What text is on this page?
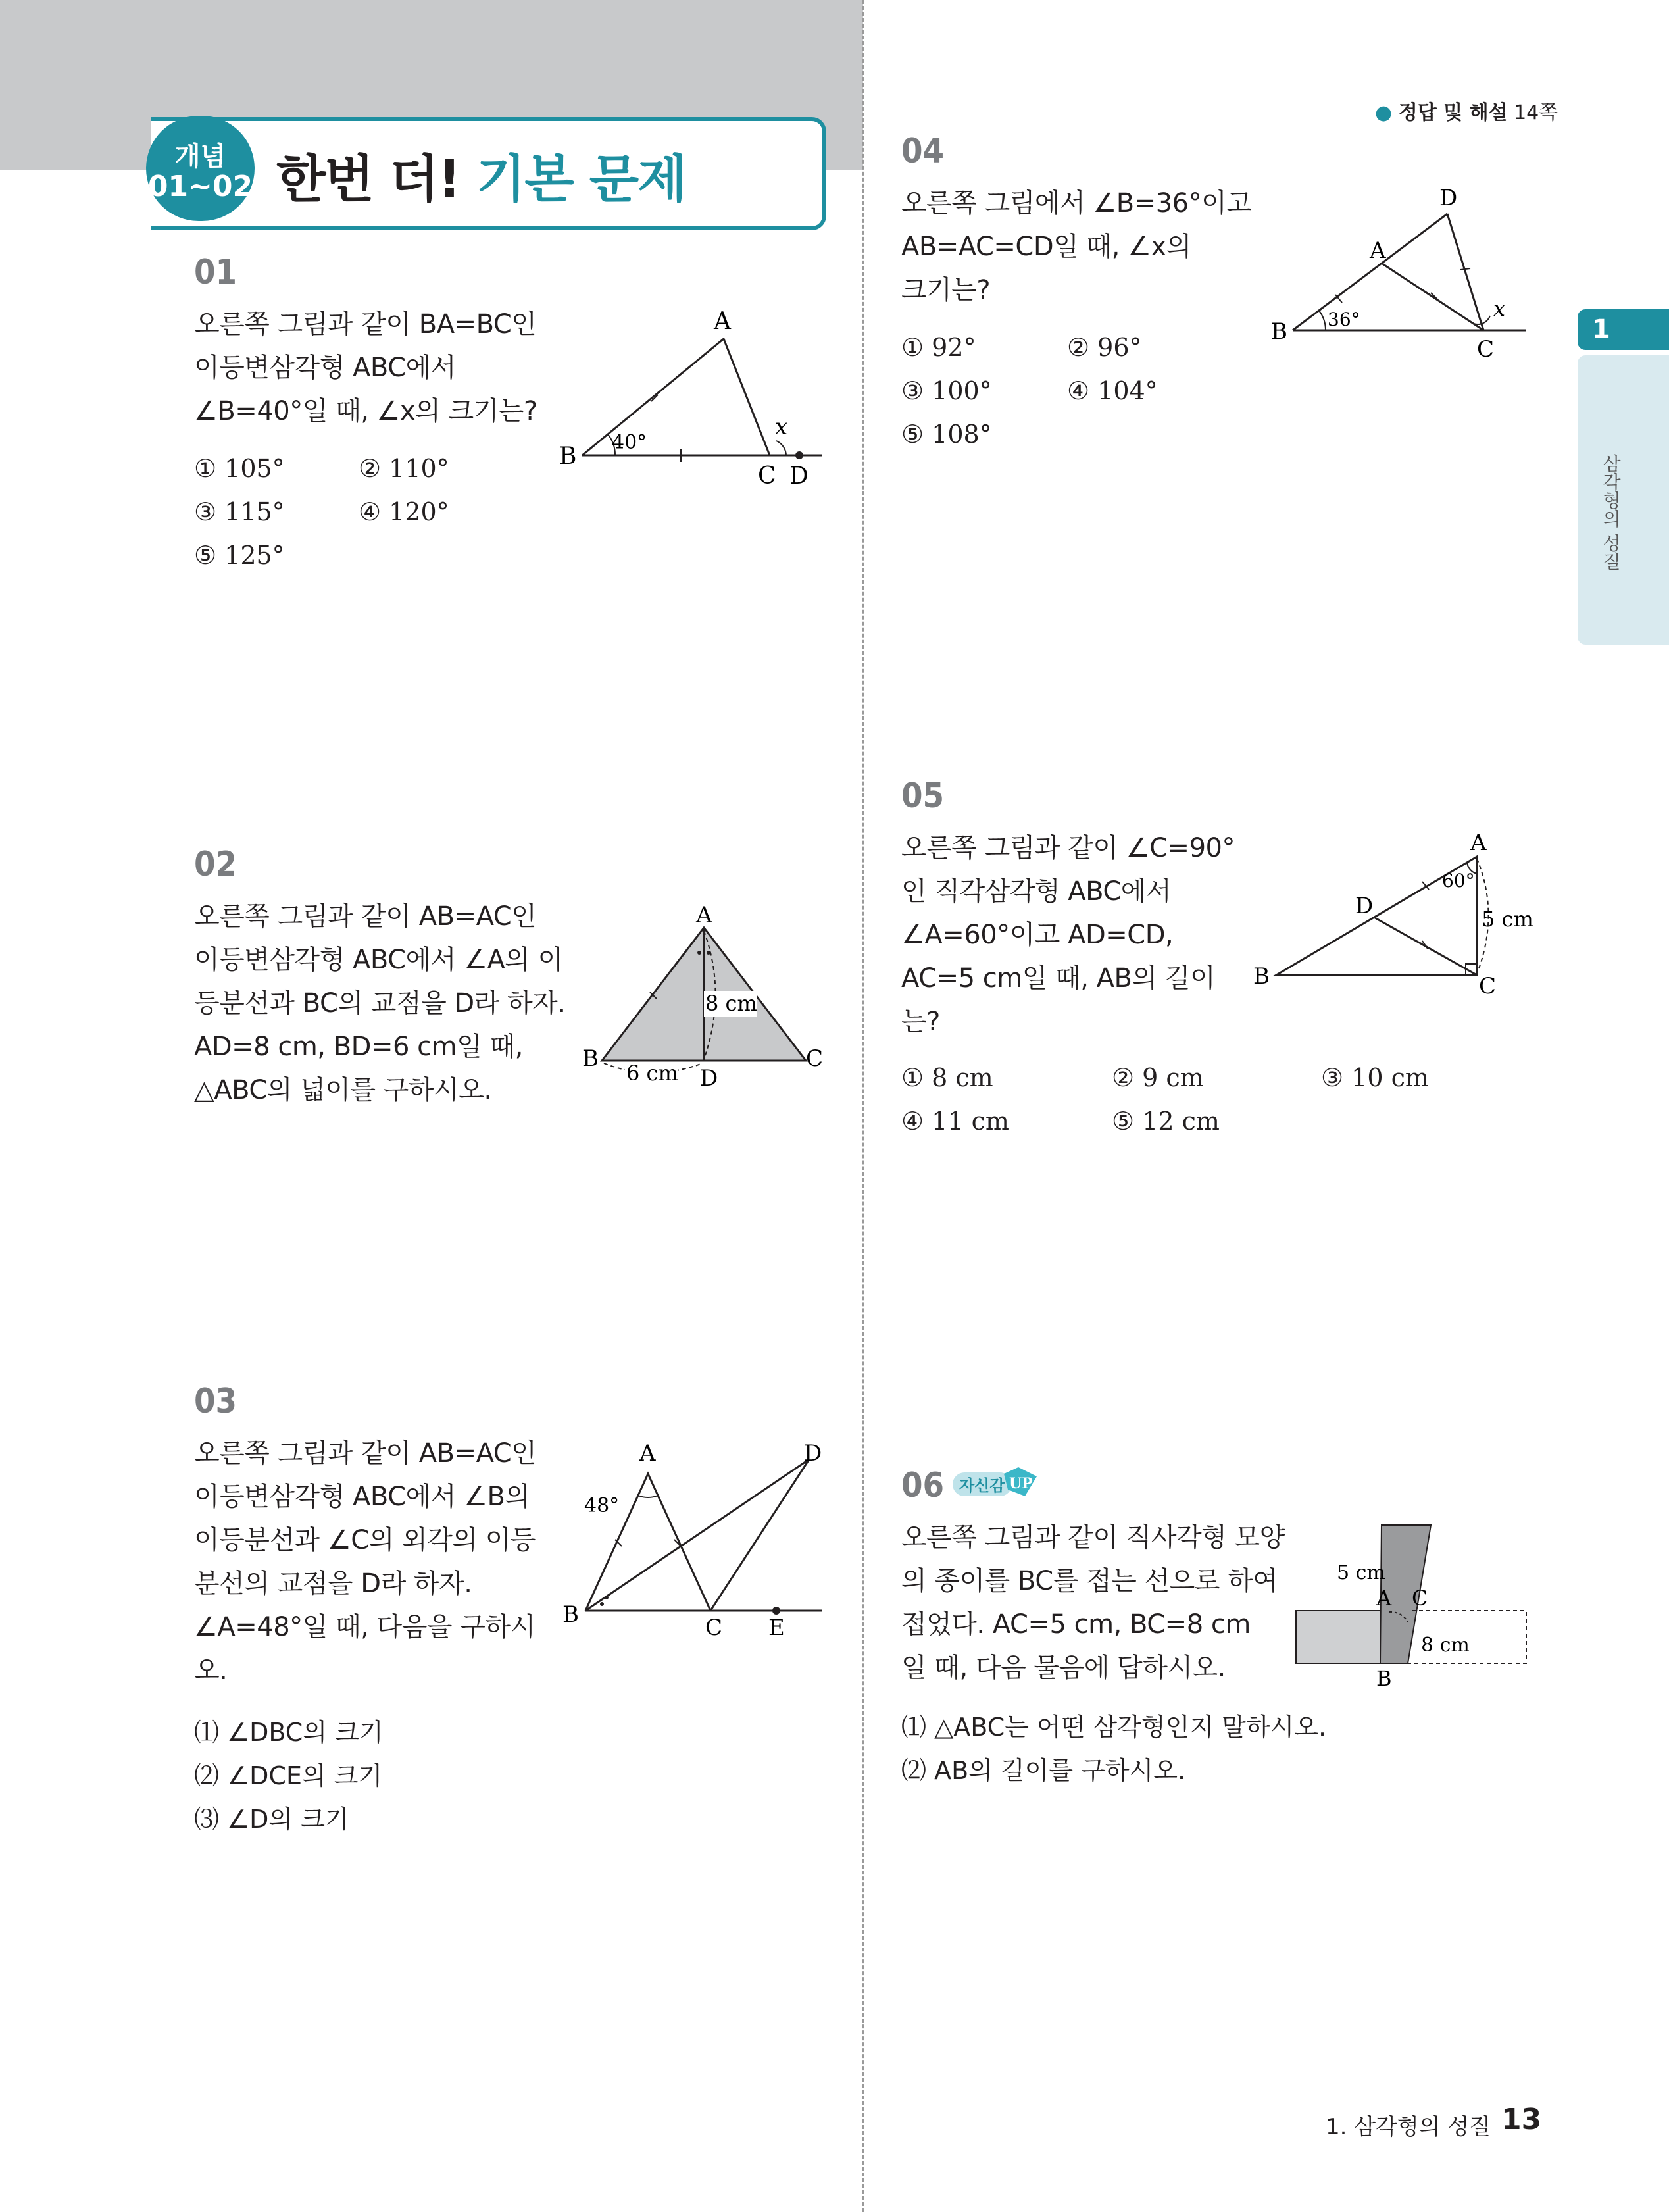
개념
01~02 한번 더! 기본 문제
● 정답 및 해설 14쪽
1
삼각형의 성질
01

오른쪽 그림과 같이 BA=BC인

이등변삼각형 ABC에서

∠B=40°일 때, ∠x의 크기는?

① 105°	② 110°
③ 115°	④ 120°
⑤ 125°
A
B
C D
40°
x
02

오른쪽 그림과 같이 AB=AC인

이등변삼각형 ABC에서 ∠A의 이

등분선과 BC의 교점을 D라 하자.

AD=8 cm, BD=6 cm일 때,

△ABC의 넓이를 구하시오.

A
B	C
D
8 cm
6 cm
03

오른쪽 그림과 같이 AB=AC인

이등변삼각형 ABC에서 ∠B의

이등분선과 ∠C의 외각의 이등

분선의 교점을 D라 하자.

∠A=48°일 때, 다음을 구하시

오.

⑴ ∠DBC의 크기
⑵ ∠DCE의 크기
⑶ ∠D의 크기
A
B	C
D
E
48°
04

오른쪽 그림에서 ∠B=36°이고

AB=AC=CD일 때, ∠x의

크기는?

① 92°	② 96°
③ 100°	④ 104°
⑤ 108°
D
A
B
C
36°	x
05

오른쪽 그림과 같이 ∠C=90°

인 직각삼각형 ABC에서

∠A=60°이고 AD=CD,

AC=5 cm일 때, AB의 길이

는?

① 8 cm	② 9 cm	③ 10 cm
④ 11 cm	⑤ 12 cm
A
B	C
D
60°
5 cm
06 자신감 UP

오른쪽 그림과 같이 직사각형 모양

의 종이를 BC를 접는 선으로 하여

접었다. AC=5 cm, BC=8 cm

일 때, 다음 물음에 답하시오.

⑴ △ABC는 어떤 삼각형인지 말하시오.
⑵ AB의 길이를 구하시오.
5 cm
A C
B
8 cm
1. 삼각형의 성질 13
